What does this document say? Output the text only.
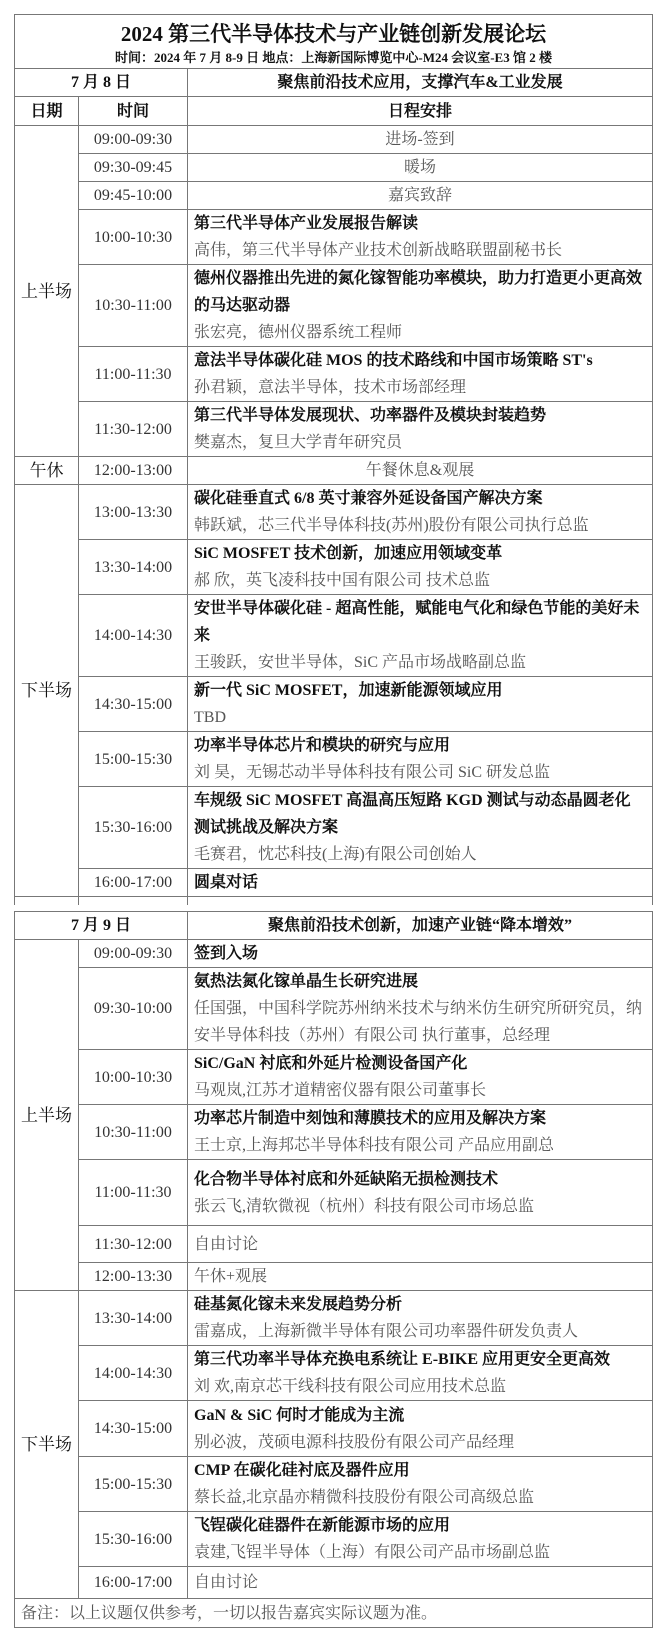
2024 第三代半导体技术与产业链创新发展论坛
时间：2024 年 7 月 8-9 日 地点：上海新国际博览中心-M24 会议室-E3 馆 2 楼		

7 月 8 日		聚焦前沿技术应用，支撑汽车&工业发展
日期	时间	日程安排
上半场	09:00-09:30	进场-签到
	09:30-09:45	暖场
	09:45-10:00	嘉宾致辞
	10:00-10:30	第三代半导体产业发展报告解读
高伟，第三代半导体产业技术创新战略联盟副秘书长

	10:30-11:00	德州仪器推出先进的氮化镓智能功率模块，助力打造更小更高效的马达驱动器
张宏亮，德州仪器系统工程师

	11:00-11:30	意法半导体碳化硅 MOS 的技术路线和中国市场策略 ST's
孙君颖，意法半导体，技术市场部经理

	11:30-12:00	第三代半导体发展现状、功率器件及模块封装趋势
樊嘉杰，复旦大学青年研究员

午休	12:00-13:00	午餐休息&观展
下半场	13:00-13:30	碳化硅垂直式 6/8 英寸兼容外延设备国产解决方案
韩跃斌，芯三代半导体科技(苏州)股份有限公司执行总监

	13:30-14:00	SiC MOSFET 技术创新，加速应用领域变革
郝 欣，英飞凌科技中国有限公司 技术总监

	14:00-14:30	安世半导体碳化硅 - 超高性能，赋能电气化和绿色节能的美好未来
王骏跃，安世半导体，SiC 产品市场战略副总监

	14:30-15:00	新一代 SiC MOSFET，加速新能源领域应用
TBD

	15:00-15:30	功率半导体芯片和模块的研究与应用
刘 昊，无锡芯动半导体科技有限公司 SiC 研发总监

	15:30-16:00	车规级 SiC MOSFET 高温高压短路 KGD 测试与动态晶圆老化测试挑战及解决方案
毛赛君，忱芯科技(上海)有限公司创始人

	16:00-17:00	圆桌对话

7 月 9 日		聚焦前沿技术创新，加速产业链“降本增效”
上半场	09:00-09:30	签到入场

	09:30-10:00	氨热法氮化镓单晶生长研究进展
任国强，中国科学院苏州纳米技术与纳米仿生研究所研究员，纳安半导体科技（苏州）有限公司 执行董事，总经理

	10:00-10:30	SiC/GaN 衬底和外延片检测设备国产化
马观岚,江苏才道精密仪器有限公司董事长

	10:30-11:00	功率芯片制造中刻蚀和薄膜技术的应用及解决方案
王士京,上海邦芯半导体科技有限公司 产品应用副总

	11:00-11:30	化合物半导体衬底和外延缺陷无损检测技术
张云飞,清软微视（杭州）科技有限公司市场总监

	11:30-12:00	自由讨论
	12:00-13:30	午休+观展
下半场	13:30-14:00	硅基氮化镓未来发展趋势分析
雷嘉成，上海新微半导体有限公司功率器件研发负责人

	14:00-14:30	第三代功率半导体充换电系统让 E-BIKE 应用更安全更高效
刘 欢,南京芯干线科技有限公司应用技术总监

	14:30-15:00	GaN & SiC 何时才能成为主流
别必波，茂硕电源科技股份有限公司产品经理

	15:00-15:30	CMP 在碳化硅衬底及器件应用
蔡长益,北京晶亦精微科技股份有限公司高级总监

	15:30-16:00	飞锃碳化硅器件在新能源市场的应用
袁建,飞锃半导体（上海）有限公司产品市场副总监

	16:00-17:00	自由讨论
备注：以上议题仅供参考，一切以报告嘉宾实际议题为准。		
